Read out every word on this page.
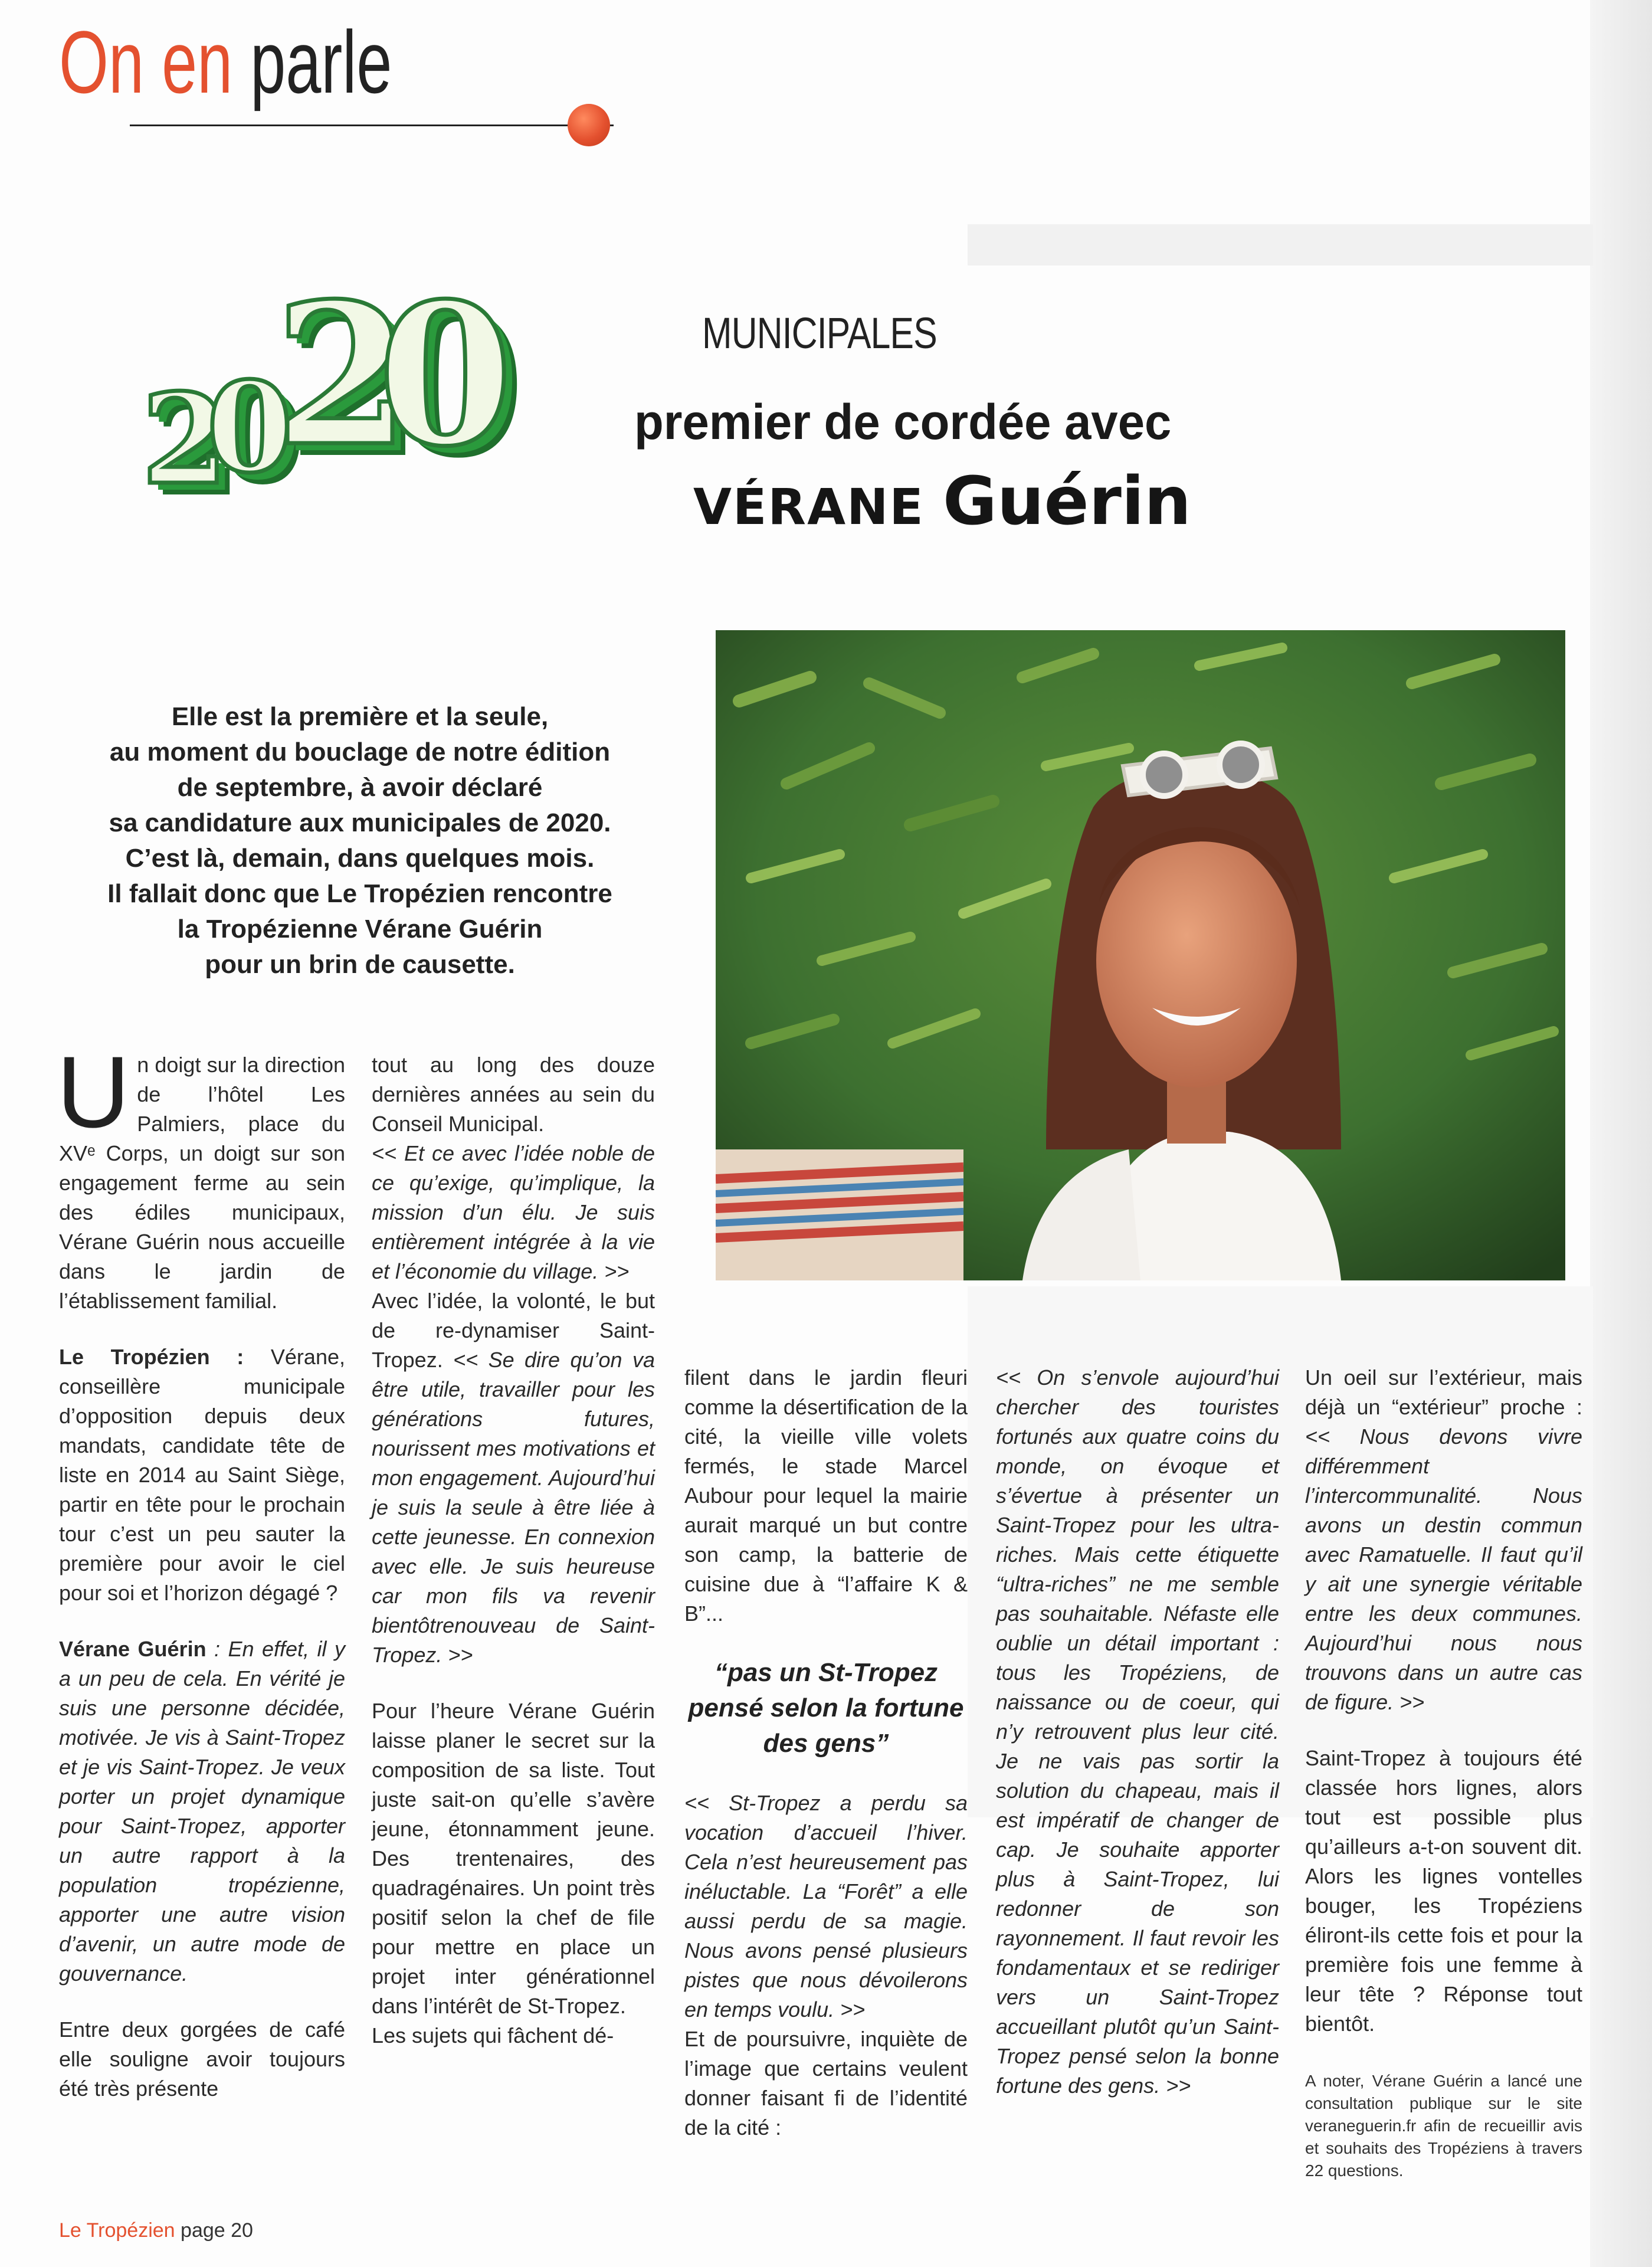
On en parle
2
0
2
0	MUNICIPALES
premier de cordée avec
VÉRANE Guérin
Elle est la première et la seule,
au moment du bouclage de notre édition
de septembre, à avoir déclaré
sa candidature aux municipales de 2020.
C’est là, demain, dans quelques mois.
Il fallait donc que Le Tropézien rencontre
la Tropézienne Vérane Guérin
pour un brin de causette.

Un doigt sur la direction de l’hôtel Les Palmiers, place du XVᵉ Corps, un doigt sur son engagement ferme au sein des édiles municipaux, Vérane Guérin nous accueille dans le jardin de l’établissement familial.

Le Tropézien : Vérane, conseillère municipale d’opposition depuis deux mandats, candidate tête de liste en 2014 au Saint Siège, partir en tête pour le prochain tour c’est un peu sauter la première pour avoir le ciel pour soi et l’horizon dégagé ?

Vérane Guérin : En effet, il y a un peu de cela. En vérité je suis une personne décidée, motivée. Je vis à Saint-Tropez et je vis Saint-Tropez. Je veux porter un projet dynamique pour Saint-Tropez, apporter un autre rapport à la population tropézienne, apporter une autre vision d’avenir, un autre mode de gouvernance.

Entre deux gorgées de café elle souligne avoir toujours été très présente

tout au long des douze dernières années au sein du Conseil Municipal.

<< Et ce avec l’idée noble de ce qu’exige, qu’implique, la mission d’un élu. Je suis entièrement intégrée à la vie et l’économie du village. >>

Avec l’idée, la volonté, le but de re-dynamiser Saint-Tropez. << Se dire qu’on va être utile, travailler pour les générations futures, nourissent mes motivations et mon engagement. Aujourd’hui je suis la seule à être liée à cette jeunesse. En connexion avec elle. Je suis heureuse car mon fils va revenir bientôtrenouveau de Saint-Tropez. >>

Pour l’heure Vérane Guérin laisse planer le secret sur la composition de sa liste. Tout juste sait-on qu’elle s’avère jeune, étonnamment jeune. Des trentenaires, des quadragénaires. Un point très positif selon la chef de file pour mettre en place un projet inter générationnel dans l’intérêt de St-Tropez.

Les sujets qui fâchent dé-

filent dans le jardin fleuri comme la désertification de la cité, la vieille ville volets fermés, le stade Marcel Aubour pour lequel la mairie aurait marqué un but contre son camp, la batterie de cuisine due à “l’affaire K & B”...

“pas un St-Tropez pensé selon la fortune des gens”

<< St-Tropez a perdu sa vocation d’accueil l’hiver. Cela n’est heureusement pas inéluctable. La “Forêt” a elle aussi perdu de sa magie. Nous avons pensé plusieurs pistes que nous dévoilerons en temps voulu. >>

Et de poursuivre, inquiète de l’image que certains veulent donner faisant fi de l’identité de la cité :

<< On s’envole aujourd’hui chercher des touristes fortunés aux quatre coins du monde, on évoque et s’évertue à présenter un Saint-Tropez pour les ultra-riches. Mais cette étiquette “ultra-riches” ne me semble pas souhaitable. Néfaste elle oublie un détail important : tous les Tropéziens, de naissance ou de coeur, qui n’y retrouvent plus leur cité. Je ne vais pas sortir la solution du chapeau, mais il est impératif de changer de cap. Je souhaite apporter plus à Saint-Tropez, lui redonner de son rayonnement. Il faut revoir les fondamentaux et se rediriger vers un Saint-Tropez accueillant plutôt qu’un Saint-Tropez pensé selon la bonne fortune des gens. >>

Un oeil sur l’extérieur, mais déjà un “extérieur” proche : << Nous devons vivre différemment l’intercommunalité. Nous avons un destin commun avec Ramatuelle. Il faut qu’il y ait une synergie véritable entre les deux communes. Aujourd’hui nous nous trouvons dans un autre cas de figure. >>

Saint-Tropez à toujours été classée hors lignes, alors tout est possible plus qu’ailleurs a-t-on souvent dit. Alors les lignes vontelles bouger, les Tropéziens éliront-ils cette fois et pour la première fois une femme à leur tête ? Réponse tout bientôt.

A noter, Vérane Guérin a lancé une consultation publique sur le site veraneguerin.fr afin de recueillir avis et souhaits des Tropéziens à travers 22 questions.
Le Tropézien page 20
